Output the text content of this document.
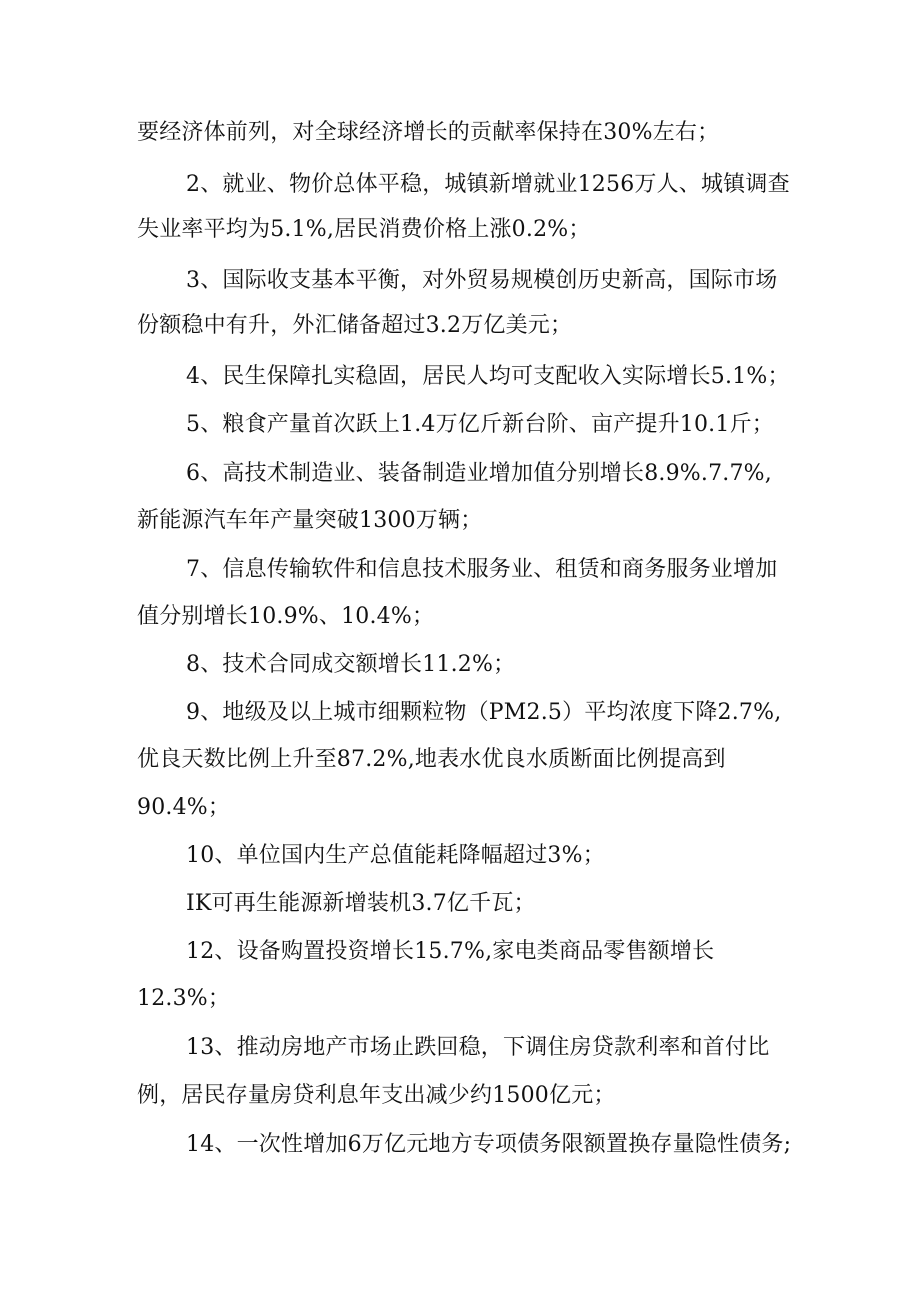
要经济体前列，对全球经济增长的贡献率保持在30%左右；
2、就业、物价总体平稳，城镇新增就业1256万人、城镇调查
失业率平均为5.1%,居民消费价格上涨0.2%；
3、国际收支基本平衡，对外贸易规模创历史新高，国际市场
份额稳中有升，外汇储备超过3.2万亿美元；
4、民生保障扎实稳固，居民人均可支配收入实际增长5.1%；
5、粮食产量首次跃上1.4万亿斤新台阶、亩产提升10.1斤；
6、高技术制造业、装备制造业增加值分别增长8.9%.7.7%,
新能源汽车年产量突破1300万辆；
7、信息传输软件和信息技术服务业、租赁和商务服务业增加
值分别增长10.9%、10.4%；
8、技术合同成交额增长11.2%；
9、地级及以上城市细颗粒物（PM2.5）平均浓度下降2.7%,
优良天数比例上升至87.2%,地表水优良水质断面比例提高到
90.4%；
10、单位国内生产总值能耗降幅超过3%；
IK可再生能源新增装机3.7亿千瓦；
12、设备购置投资增长15.7%,家电类商品零售额增长
12.3%；
13、推动房地产市场止跌回稳，下调住房贷款利率和首付比
例，居民存量房贷利息年支出减少约1500亿元；
14、一次性增加6万亿元地方专项债务限额置换存量隐性债务;
